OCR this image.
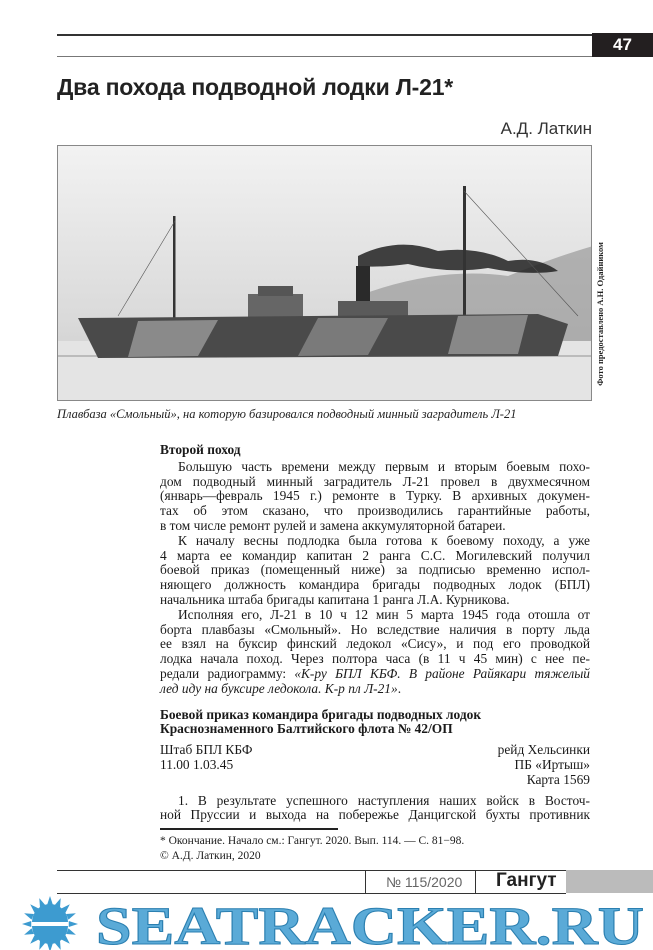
47
Два похода подводной лодки Л-21*
А.Д. Латкин
Фото предоставлено А.Н. Одайником
Плавбаза «Смольный», на которую базировался подводный минный заградитель Л-21
Второй поход
Большую часть времени между первым и вторым боевым похо-
дом подводный минный заградитель Л-21 провел в двухмесячном
(январь—февраль 1945 г.) ремонте в Турку. В архивных докумен-
тах об этом сказано, что производились гарантийные работы,
в том числе ремонт рулей и замена аккумуляторной батареи.
К началу весны подлодка была готова к боевому походу, а уже
4 марта ее командир капитан 2 ранга С.С. Могилевский получил
боевой приказ (помещенный ниже) за подписью временно испол-
няющего должность командира бригады подводных лодок (БПЛ)
начальника штаба бригады капитана 1 ранга Л.А. Курникова.
Исполняя его, Л-21 в 10 ч 12 мин 5 марта 1945 года отошла от
борта плавбазы «Смольный». Но вследствие наличия в порту льда
ее взял на буксир финский ледокол «Сису», и под его проводкой
лодка начала поход. Через полтора часа (в 11 ч 45 мин) с нее пе-
редали радиограмму: «К-ру БПЛ КБФ. В районе Райякари тяжелый
лед иду на буксире ледокола. К-р пл Л-21».
Боевой приказ командира бригады подводных лодок
Краснознаменного Балтийского флота № 42/ОП
Штаб БПЛ КБФ
11.00 1.03.45
рейд Хельсинки
ПБ «Иртыш»
Карта 1569
1. В результате успешного наступления наших войск в Восточ-
ной Пруссии и выхода на побережье Данцигской бухты противник
* Окончание. Начало см.: Гангут. 2020. Вып. 114. — С. 81−98.
© А.Д. Латкин, 2020
№ 115/2020 Гангут
SEATRACKER.RU
